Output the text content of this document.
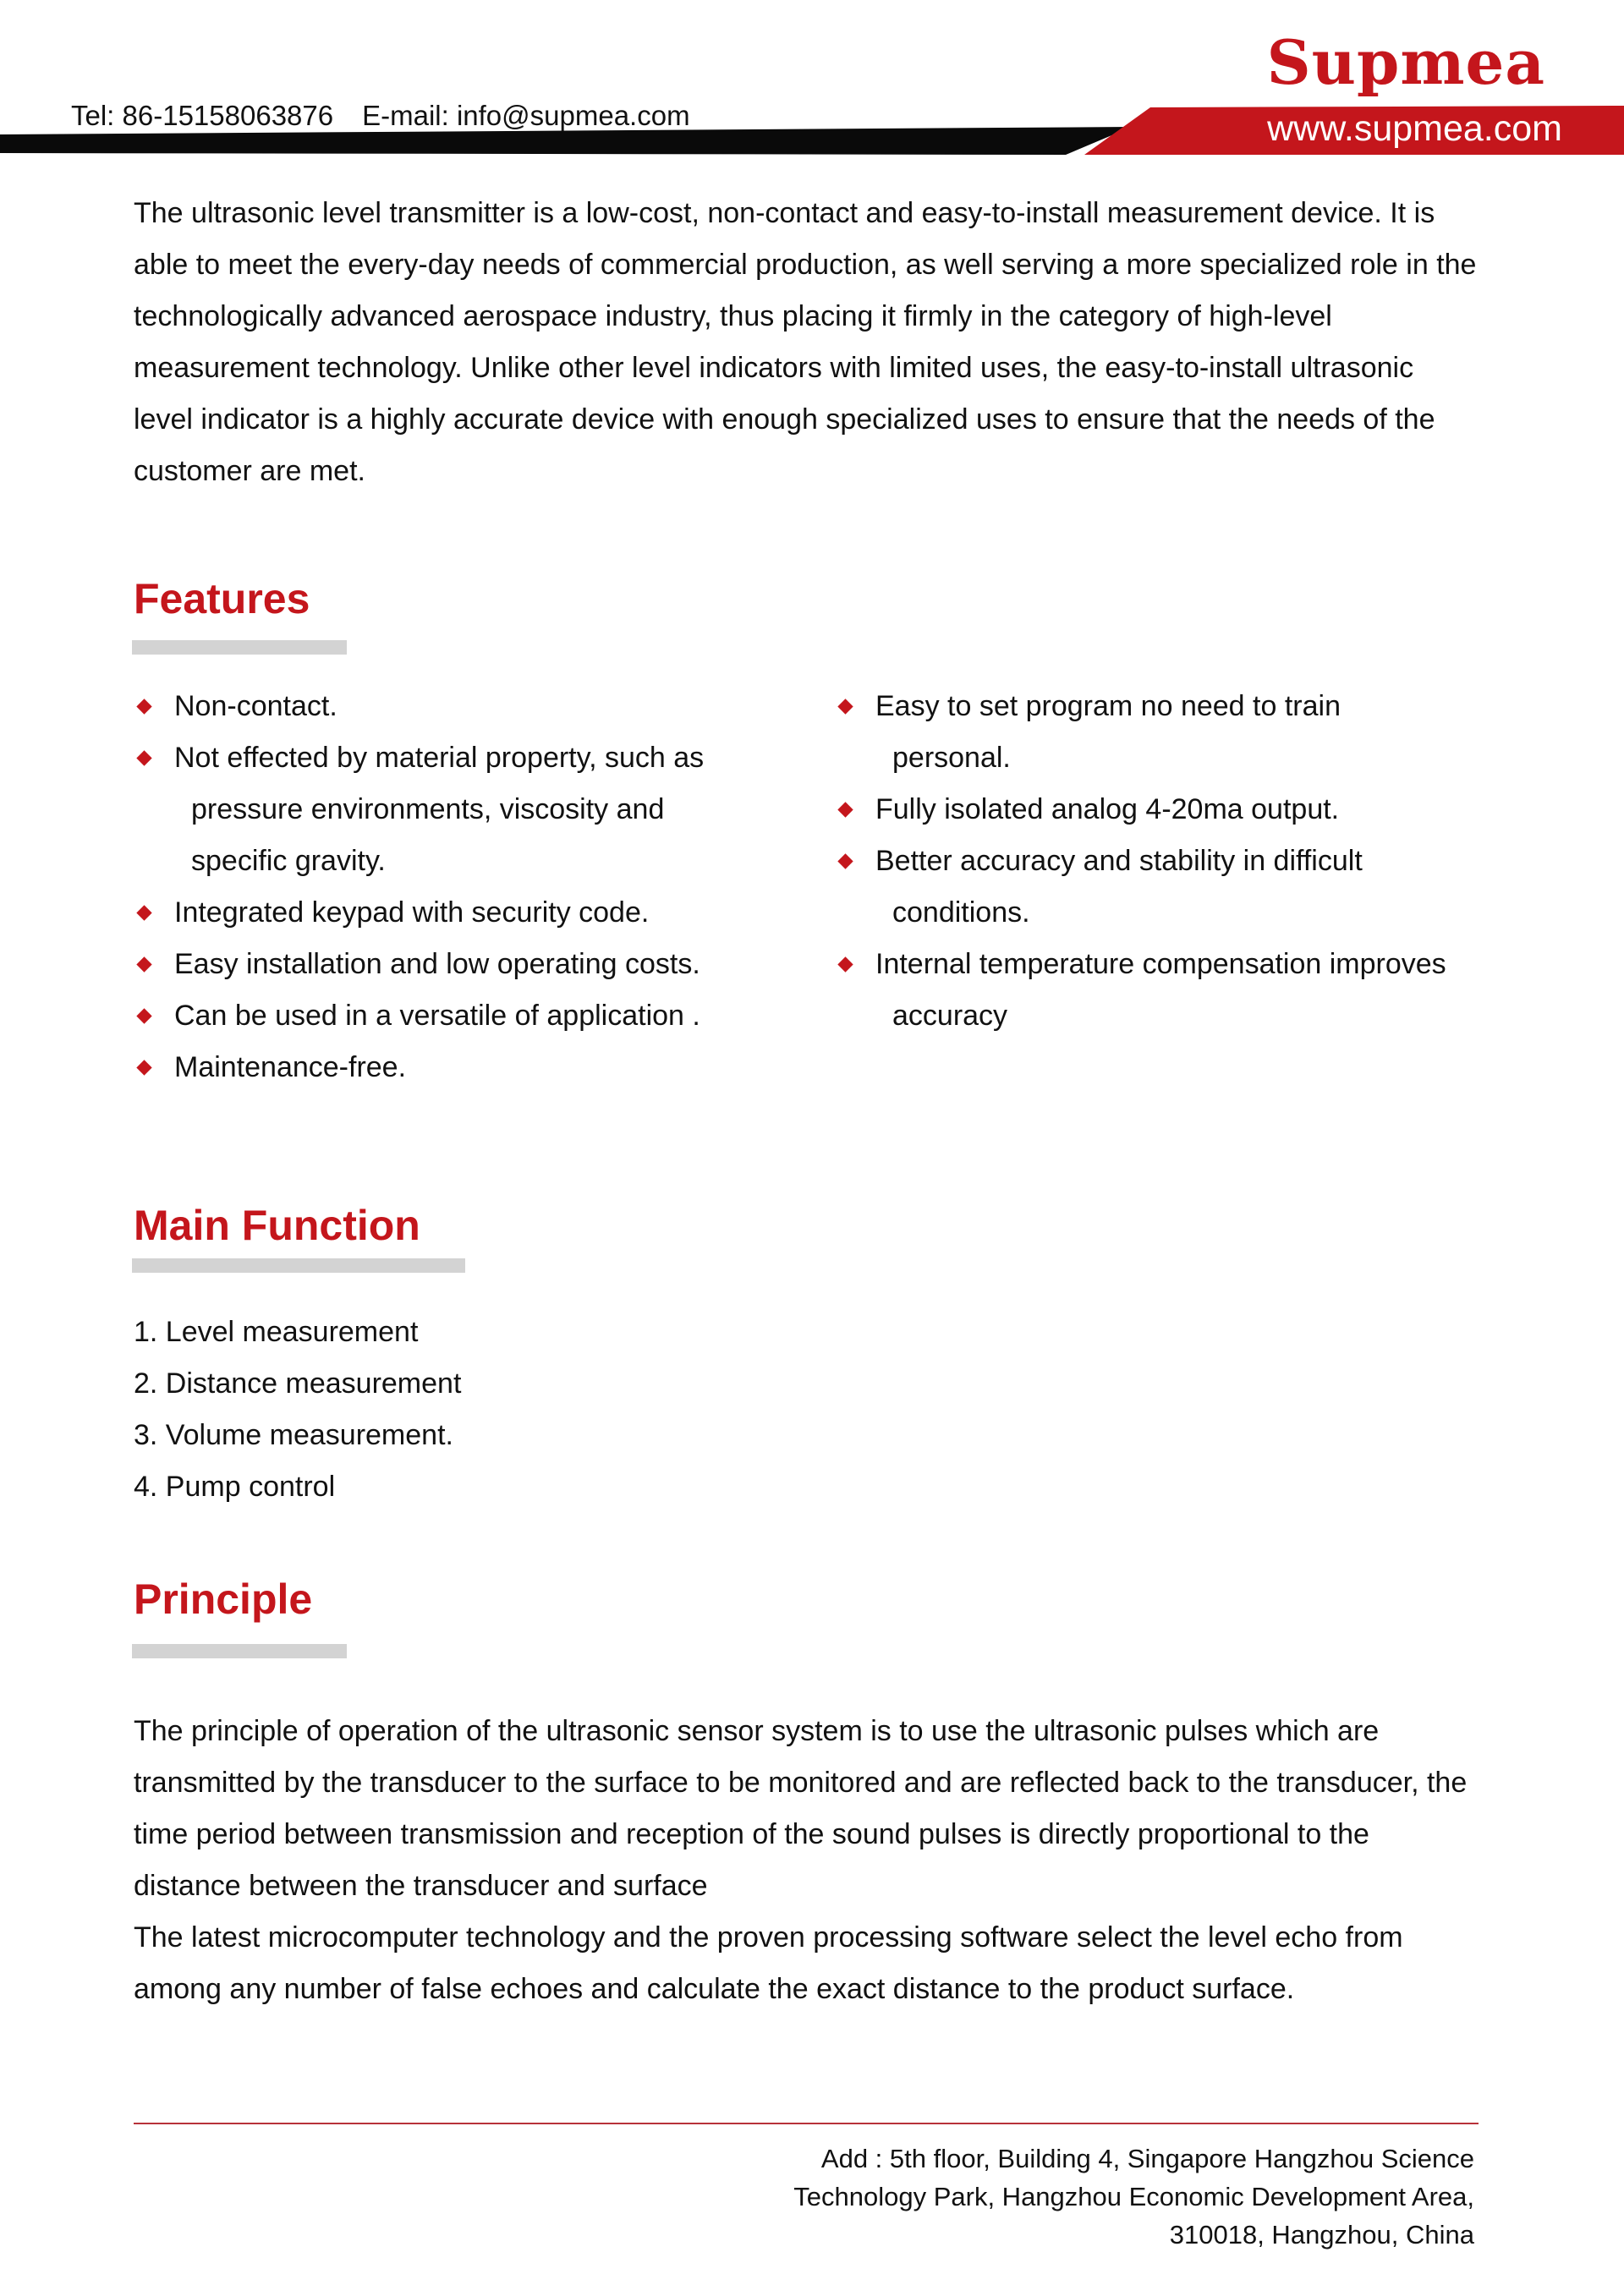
Supmea
Tel: 86-15158063876 E-mail: info@supmea.com	www.supmea.com

The ultrasonic level transmitter is a low-cost, non-contact and easy-to-install measurement device. It is able to meet the every-day needs of commercial production, as well serving a more specialized role in the technologically advanced aerospace industry, thus placing it firmly in the category of high-level measurement technology. Unlike other level indicators with limited uses, the easy-to-install ultrasonic level indicator is a highly accurate device with enough specialized uses to ensure that the needs of the customer are met.

Features
Non-contact.
Not effected by material property, such as
pressure environments, viscosity and
specific gravity.
Integrated keypad with security code.
Easy installation and low operating costs.
Can be used in a versatile of application .
Maintenance-free.
Easy to set program no need to train
personal.
Fully isolated analog 4-20ma output.
Better accuracy and stability in difficult
conditions.
Internal temperature compensation improves
accuracy
Main Function
1. Level measurement
2. Distance measurement
3. Volume measurement.
4. Pump control
Principle

The principle of operation of the ultrasonic sensor system is to use the ultrasonic pulses which are transmitted by the transducer to the surface to be monitored and are reflected back to the transducer, the time period between transmission and reception of the sound pulses is directly proportional to the distance between the transducer and surface

The latest microcomputer technology and the proven processing software select the level echo from among any number of false echoes and calculate the exact distance to the product surface.

Add : 5th floor, Building 4, Singapore Hangzhou Science
Technology Park, Hangzhou Economic Development Area,
310018, Hangzhou, China
